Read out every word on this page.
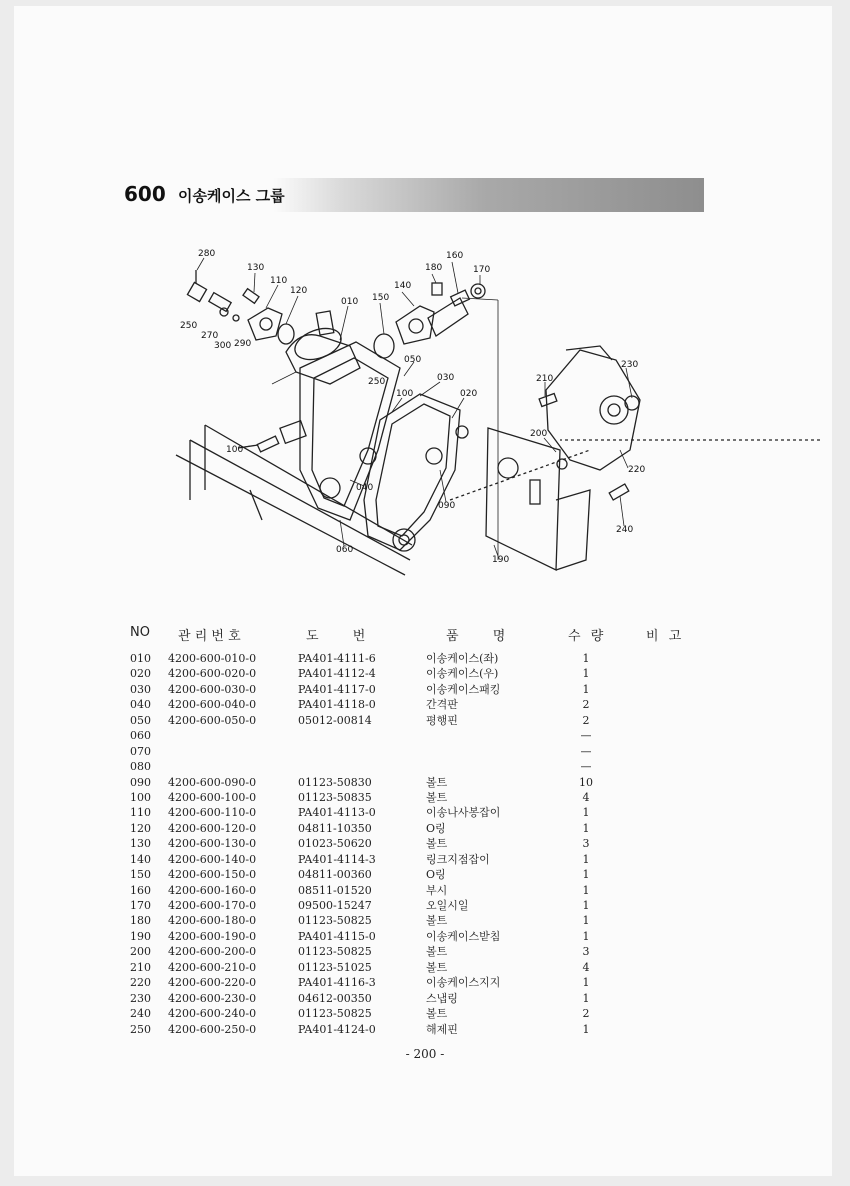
600 이송케이스 그룹
280
130
110
120
010 150
140
180
160
170
250
270
300 290
050
030
020
100
230
210
200
220
240
190
090
040
060
250
100
NO 관 리 번 호	도 번	품 명	수 량	비 고
010 4200-600-010-0	PA401-4111-6	이송케이스(좌)	1
020 4200-600-020-0	PA401-4112-4	이송케이스(우)	1
030 4200-600-030-0	PA401-4117-0	이송케이스패킹	1
040 4200-600-040-0	PA401-4118-0	간격판	2
050 4200-600-050-0	05012-00814	평행핀	2
060	—
070	—
080	—
090 4200-600-090-0	01123-50830	볼트	10
100 4200-600-100-0	01123-50835	볼트	4
110 4200-600-110-0	PA401-4113-0	이송나사봉잡이	1
120 4200-600-120-0	04811-10350	O링	1
130 4200-600-130-0	01023-50620	볼트	3
140 4200-600-140-0	PA401-4114-3	링크지점잡이	1
150 4200-600-150-0	04811-00360	O링	1
160 4200-600-160-0	08511-01520	부시	1
170 4200-600-170-0	09500-15247	오일시일	1
180 4200-600-180-0	01123-50825	볼트	1
190 4200-600-190-0	PA401-4115-0	이송케이스받침	1
200 4200-600-200-0	01123-50825	볼트	3
210 4200-600-210-0	01123-51025	볼트	4
220 4200-600-220-0	PA401-4116-3	이송케이스지지	1
230 4200-600-230-0	04612-00350	스냅링	1
240 4200-600-240-0	01123-50825	볼트	2
250 4200-600-250-0	PA401-4124-0	해제핀	1
- 200 -
